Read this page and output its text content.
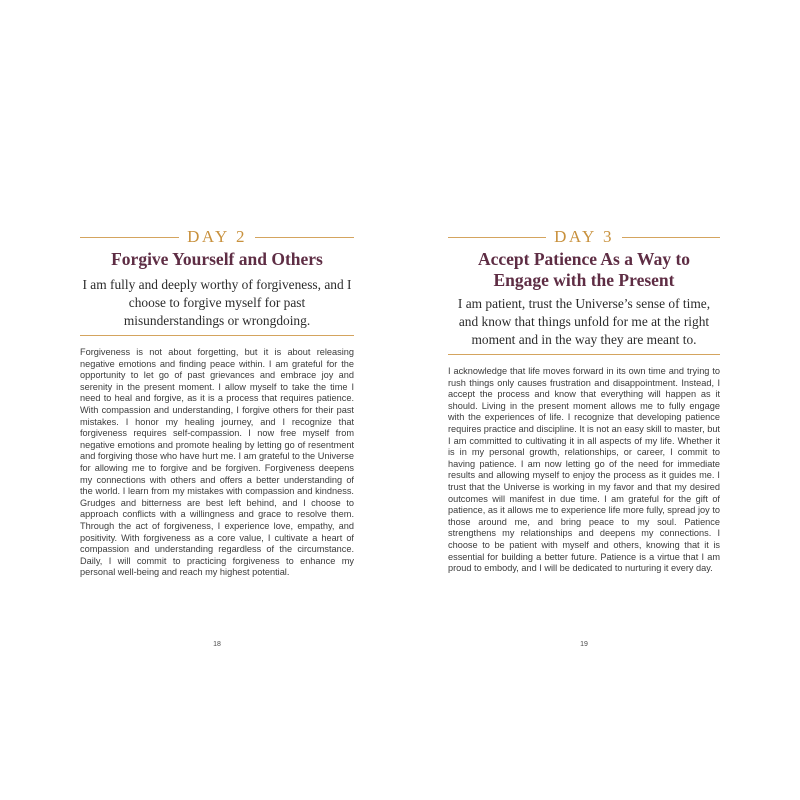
DAY 2
Forgive Yourself and Others

I am fully and deeply worthy of forgiveness, and I choose to forgive myself for past misunderstandings or wrongdoing.

Forgiveness is not about forgetting, but it is about releasing negative emotions and finding peace within. I am grateful for the opportunity to let go of past grievances and embrace joy and serenity in the present moment. I allow myself to take the time I need to heal and forgive, as it is a process that requires patience. With compassion and understanding, I forgive others for their past mistakes. I honor my healing journey, and I recognize that forgiveness requires self-compassion. I now free myself from negative emotions and promote healing by letting go of resentment and forgiving those who have hurt me. I am grateful to the Universe for allowing me to forgive and be forgiven. Forgiveness deepens my connections with others and offers a better understanding of the world. I learn from my mistakes with compassion and kindness. Grudges and bitterness are best left behind, and I choose to approach conflicts with a willingness and grace to resolve them. Through the act of forgiveness, I experience love, empathy, and positivity. With forgiveness as a core value, I cultivate a heart of compassion and understanding regardless of the circumstance. Daily, I will commit to practicing forgiveness to enhance my personal well-being and reach my highest potential.

18
DAY 3
Accept Patience As a Way to Engage with the Present

I am patient, trust the Universe’s sense of time, and know that things unfold for me at the right moment and in the way they are meant to.

I acknowledge that life moves forward in its own time and trying to rush things only causes frustration and disappointment. Instead, I accept the process and know that everything will happen as it should. Living in the present moment allows me to fully engage with the experiences of life. I recognize that developing patience requires practice and discipline. It is not an easy skill to master, but I am committed to cultivating it in all aspects of my life. Whether it is in my personal growth, relationships, or career, I commit to having patience. I am now letting go of the need for immediate results and allowing myself to enjoy the process as it guides me. I trust that the Universe is working in my favor and that my desired outcomes will manifest in due time. I am grateful for the gift of patience, as it allows me to experience life more fully, spread joy to those around me, and bring peace to my soul. Patience strengthens my relationships and deepens my connections. I choose to be patient with myself and others, knowing that it is essential for building a better future. Patience is a virtue that I am proud to embody, and I will be dedicated to nurturing it every day.

19
